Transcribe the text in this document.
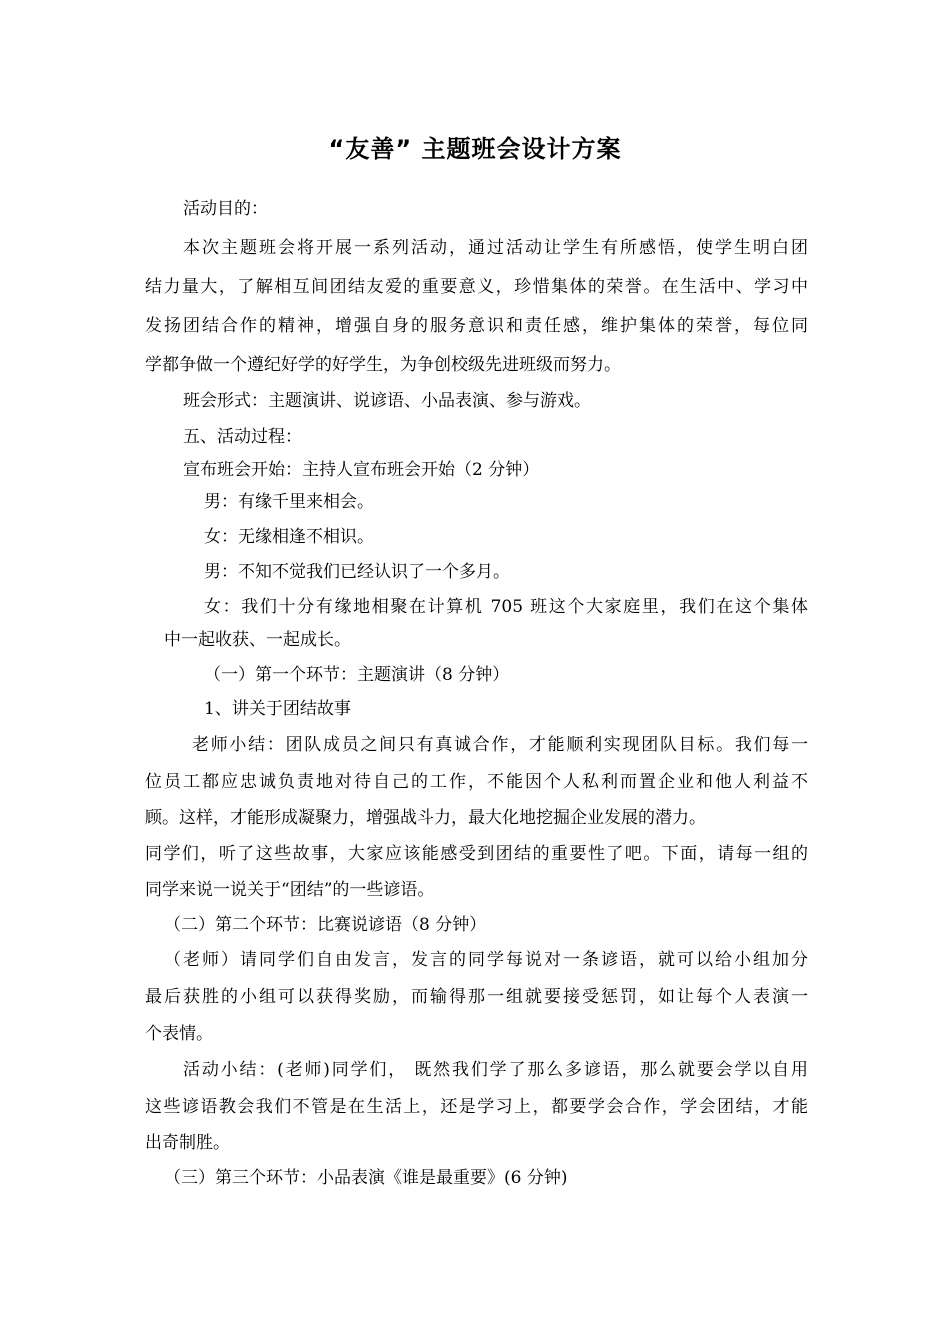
“友善” 主题班会设计方案
活动目的：
本次主题班会将开展一系列活动，通过活动让学生有所感悟，使学生明白团
结力量大，了解相互间团结友爱的重要意义，珍惜集体的荣誉。在生活中、学习中
发扬团结合作的精神，增强自身的服务意识和责任感，维护集体的荣誉，每位同
学都争做一个遵纪好学的好学生，为争创校级先进班级而努力。
班会形式：主题演讲、说谚语、小品表演、参与游戏。
五、活动过程：
宣布班会开始：主持人宣布班会开始（2 分钟）
男：有缘千里来相会。
女：无缘相逢不相识。
男：不知不觉我们已经认识了一个多月。
女：我们十分有缘地相聚在计算机 705 班这个大家庭里，我们在这个集体
中一起收获、一起成长。
（一）第一个环节：主题演讲（8 分钟）
1、讲关于团结故事
老师小结：团队成员之间只有真诚合作，才能顺利实现团队目标。我们每一
位员工都应忠诚负责地对待自己的工作，不能因个人私利而置企业和他人利益不
顾。这样，才能形成凝聚力，增强战斗力，最大化地挖掘企业发展的潜力。
同学们，听了这些故事，大家应该能感受到团结的重要性了吧。下面，请每一组的
同学来说一说关于“团结”的一些谚语。
（二）第二个环节：比赛说谚语（8 分钟）
（老师）请同学们自由发言，发言的同学每说对一条谚语，就可以给小组加分
最后获胜的小组可以获得奖励，而输得那一组就要接受惩罚，如让每个人表演一
个表情。
活动小结：(老师)同学们， 既然我们学了那么多谚语，那么就要会学以自用
这些谚语教会我们不管是在生活上，还是学习上，都要学会合作，学会团结，才能
出奇制胜。
（三）第三个环节：小品表演《谁是最重要》(6 分钟)
